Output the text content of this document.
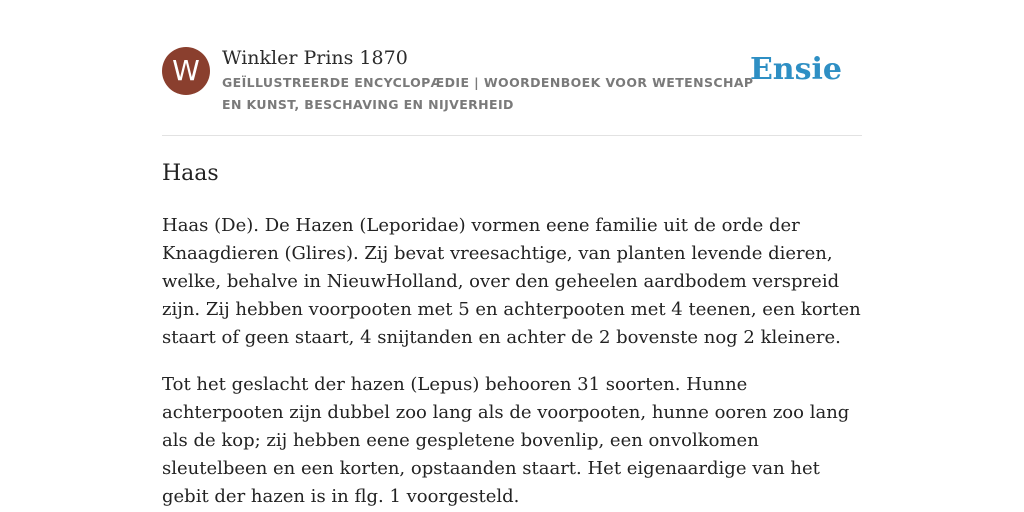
W	Winkler Prins 1870
GEÏLLUSTREERDE ENCYCLOPÆDIE | WOORDENBOEK VOOR WETENSCHAP EN KUNST, BESCHAVING EN NIJVERHEID
Ensie
Haas

Haas (De). De Hazen (Leporidae) vormen eene familie uit de orde der Knaagdieren (Glires). Zij bevat vreesachtige, van planten levende dieren, welke, behalve in NieuwHolland, over den geheelen aardbodem verspreid zijn. Zij hebben voorpooten met 5 en achterpooten met 4 teenen, een korten staart of geen staart, 4 snijtanden en achter de 2 bovenste nog 2 kleinere.

Tot het geslacht der hazen (Lepus) behooren 31 soorten. Hunne achterpooten zijn dubbel zoo lang als de voorpooten, hunne ooren zoo lang als de kop; zij hebben eene gespletene bovenlip, een onvolkomen sleutelbeen en een korten, opstaanden staart. Het eigenaardige van het gebit der hazen is in flg. 1 voorgesteld.
